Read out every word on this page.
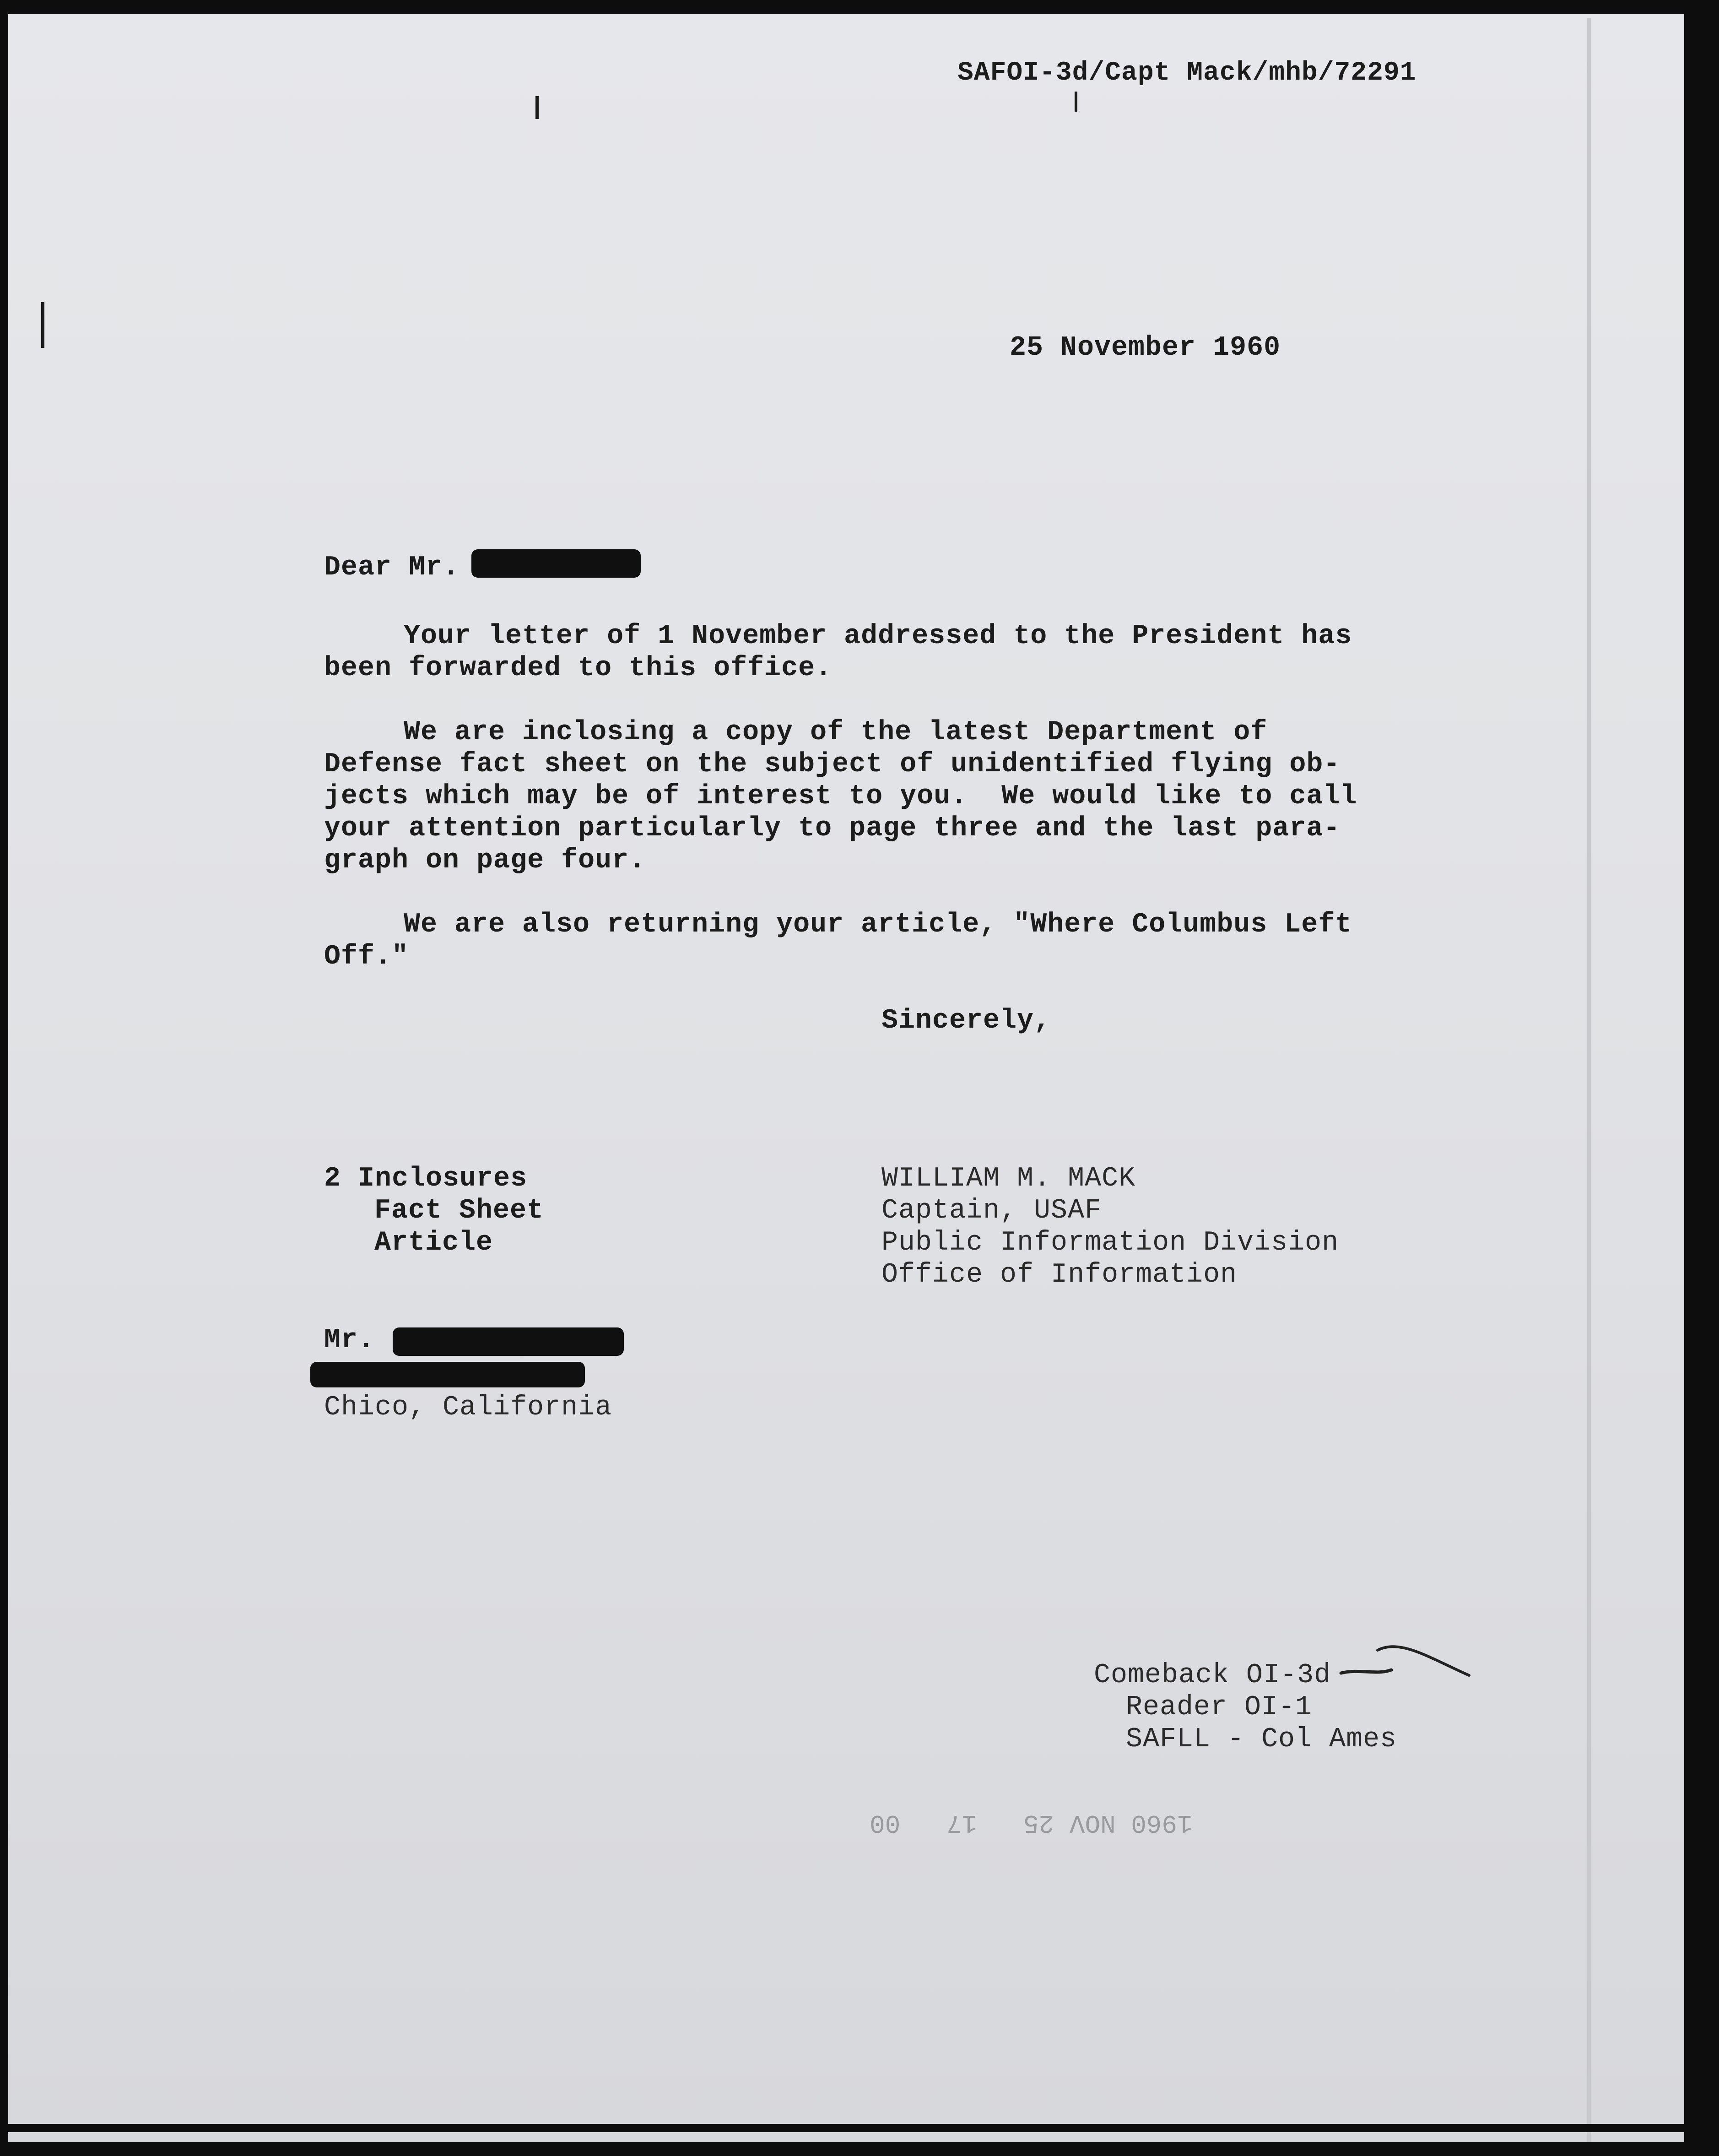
SAFOI-3d/Capt Mack/mhb/72291

25 November 1960

Dear Mr.

Your letter of 1 November addressed to the President has

been forwarded to this office.

We are inclosing a copy of the latest Department of

Defense fact sheet on the subject of unidentified flying ob-

jects which may be of interest to you.  We would like to call

your attention particularly to page three and the last para-

graph on page four.

We are also returning your article, "Where Columbus Left

Off."

Sincerely,

2 Inclosures

Fact Sheet

Article

WILLIAM M. MACK

Captain, USAF

Public Information Division

Office of Information

Mr.

Chico, California

Comeback OI-3d

Reader OI-1

SAFLL - Col Ames

1960 NOV 25   17   00
